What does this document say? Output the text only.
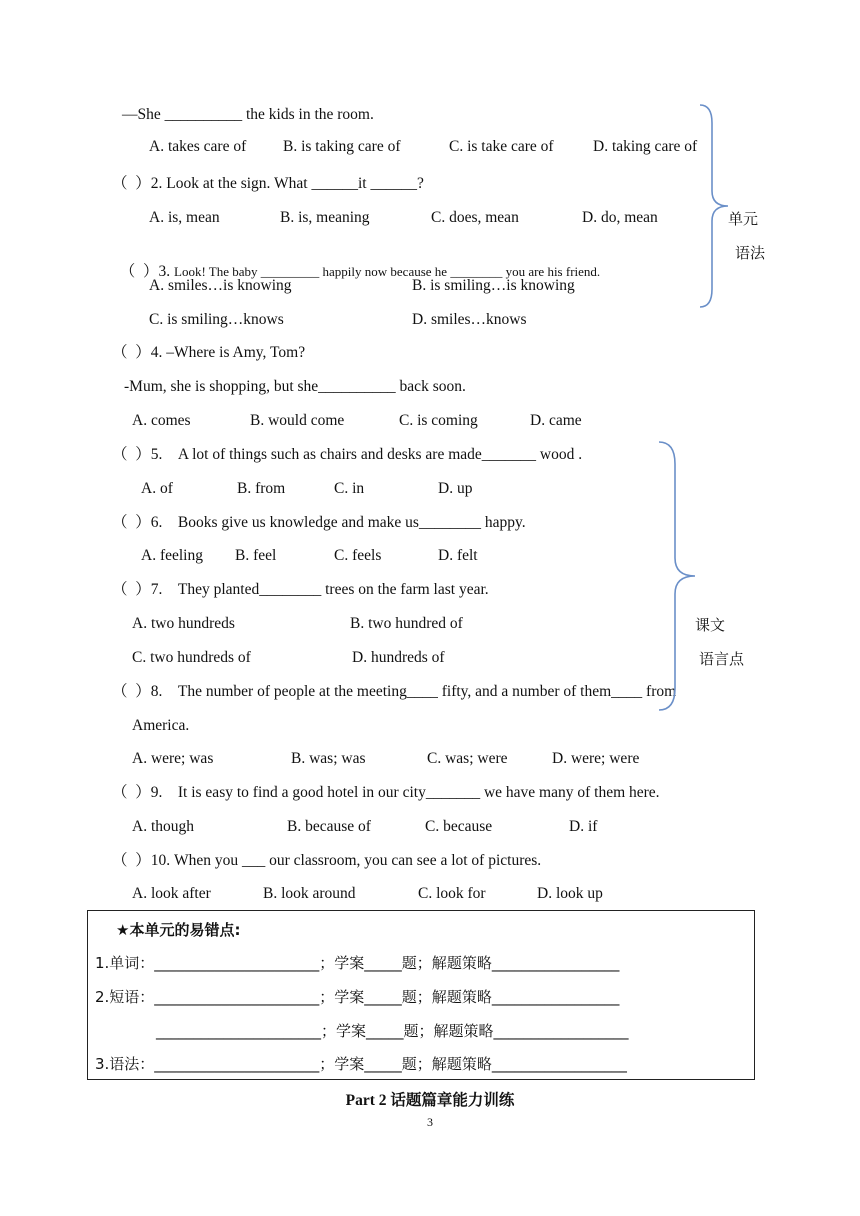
—She __________ the kids in the room.
A. takes care of B. is taking care of	C. is take care of	D. taking care of
（  ）2. Look at the sign. What ______it ______?
A. is, mean	B. is, meaning	C. does, mean	D. do, mean

（  ）3. Look! The baby _________ happily now because he ________ you are his friend.

A. smiles…is knowing	B. is smiling…is knowing
C. is smiling…knows	D. smiles…knows
（  ）4. –Where is Amy, Tom?
-Mum, she is shopping, but she__________ back soon.
A. comes	B. would come	C. is coming	D. came
（  ）5.    A lot of things such as chairs and desks are made_______ wood .
A. of	B. from	C. in	D. up
（  ）6.    Books give us knowledge and make us________ happy.
A. feeling B. feel	C. feels	D. felt
（  ）7.    They planted________ trees on the farm last year.
A. two hundreds	B. two hundred of
C. two hundreds of	D. hundreds of
（  ）8.    The number of people at the meeting____ fifty, and a number of them____ from
America.
A. were; was	B. was; was	C. was; were	D. were; were
（  ）9.    It is easy to find a good hotel in our city_______ we have many of them here.
A. though	B. because of	C. because	D. if
（  ）10. When you ___ our classroom, you can see a lot of pictures.
A. look after	B. look around	C. look for	D. look up
单元
语法
课文
语言点
★本单元的易错点:
1.单词：______________________；学案_____题；解题策略_________________
2.短语：______________________；学案_____题；解题策略_________________
______________________；学案_____题；解题策略__________________
3.语法：______________________；学案_____题；解题策略__________________
Part 2 话题篇章能力训练
3
